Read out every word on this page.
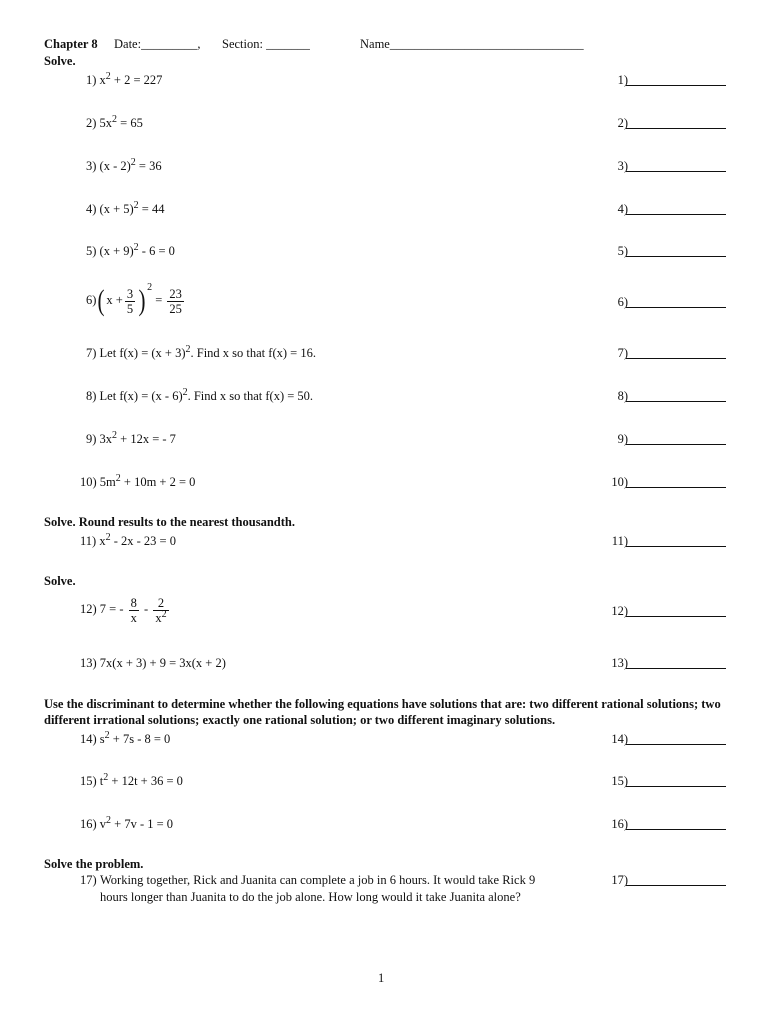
Chapter 8 Date:_________, Section: _______	Name_______________________________
Solve.
1) $x^2 + 2 = 227$
2) $5x^2 = 65$
3) (x - 2)$^2$ = 36
4) $(x + 5)^2 = 44$
5) $(x + 9)^2 - 6 = 0$
6)( $x + \frac{3}{5}$ ) $^2 = \frac{23}{25}$
7) Let $f(x) = (x + 3)^2$. Find x so that f(x) = 16.
8) Let f(x) = (x - 6)$^2$. Find x so that f(x) = 50.
9) $3x^2 + 12x$ = - 7
10) $5m^2 + 10m + 2 = 0$
Solve. Round results to the nearest thousandth.
11) $x^2 - 2x - 23 = 0$
Solve.
12) 7 = - $\frac{8}{x} - \frac{2}{x^2}$
13) 7x(x + 3) + 9 = 3x(x + 2)
Use the discriminant to determine whether the following equations have solutions that are: two different rational solutions; two different irrational solutions; exactly one rational solution; or two different imaginary solutions.
14) $s^2 + 7s - 8 = 0$
15) $t^2 + 12t + 36 = 0$
16) $v^2 + 7v - 1 = 0$
Solve the problem.
17) Working together, Rick and Juanita can complete a job in 6 hours. It would take Rick 9
hours longer than Juanita to do the job alone. How long would it take Juanita alone?
1)
2)
3)
4)
5)
6)
7)
8)
9)
10)
11)
12)
13)
14)
15)
16)
17)
1
